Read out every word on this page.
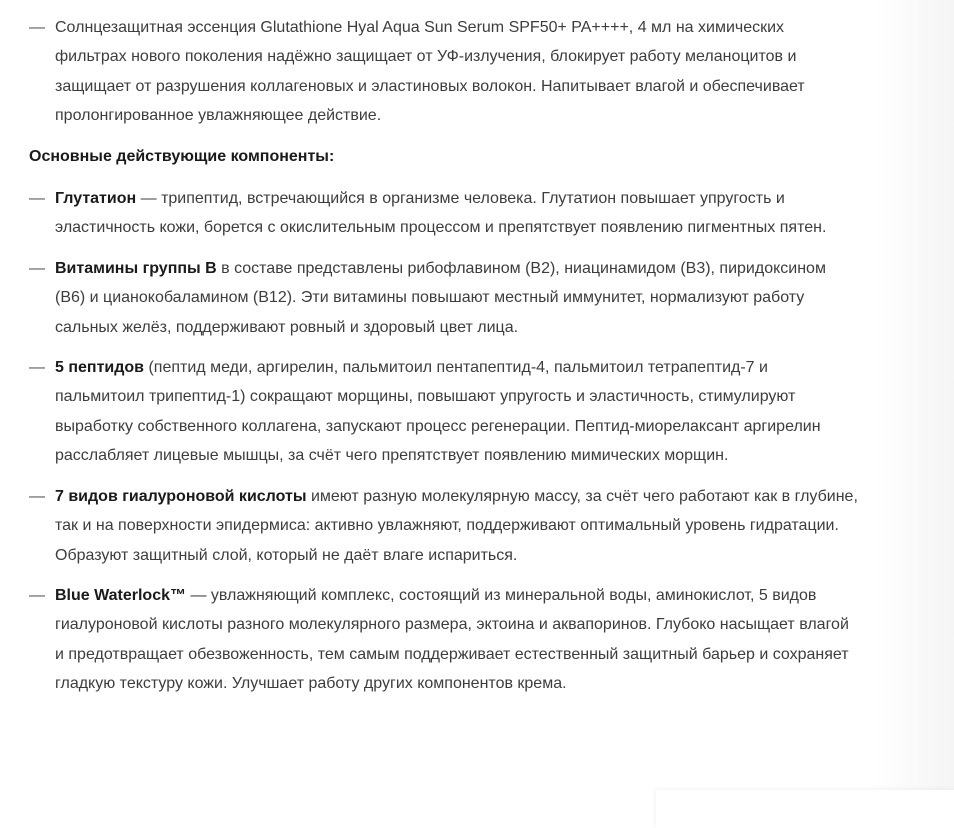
— Солнцезащитная эссенция Glutathione Hyal Aqua Sun Serum SPF50+ PA++++, 4 мл на химических фильтрах нового поколения надёжно защищает от УФ-излучения, блокирует работу меланоцитов и защищает от разрушения коллагеновых и эластиновых волокон. Напитывает влагой и обеспечивает пролонгированное увлажняющее действие.
Основные действующие компоненты:
— Глутатион — трипептид, встречающийся в организме человека. Глутатион повышает упругость и эластичность кожи, борется с окислительным процессом и препятствует появлению пигментных пятен.
— Витамины группы B в составе представлены рибофлавином (B2), ниацинамидом (B3), пиридоксином (B6) и цианокобаламином (B12). Эти витамины повышают местный иммунитет, нормализуют работу сальных желёз, поддерживают ровный и здоровый цвет лица.
— 5 пептидов (пептид меди, аргирелин, пальмитоил пентапептид-4, пальмитоил тетрапептид-7 и пальмитоил трипептид-1) сокращают морщины, повышают упругость и эластичность, стимулируют выработку собственного коллагена, запускают процесс регенерации. Пептид-миорелаксант аргирелин расслабляет лицевые мышцы, за счёт чего препятствует появлению мимических морщин.
— 7 видов гиалуроновой кислоты имеют разную молекулярную массу, за счёт чего работают как в глубине, так и на поверхности эпидермиса: активно увлажняют, поддерживают оптимальный уровень гидратации. Образуют защитный слой, который не даёт влаге испариться.
— Blue Waterlock™ — увлажняющий комплекс, состоящий из минеральной воды, аминокислот, 5 видов гиалуроновой кислоты разного молекулярного размера, эктоина и аквапоринов. Глубоко насыщает влагой и предотвращает обезвоженность, тем самым поддерживает естественный защитный барьер и сохраняет гладкую текстуру кожи. Улучшает работу других компонентов крема.
